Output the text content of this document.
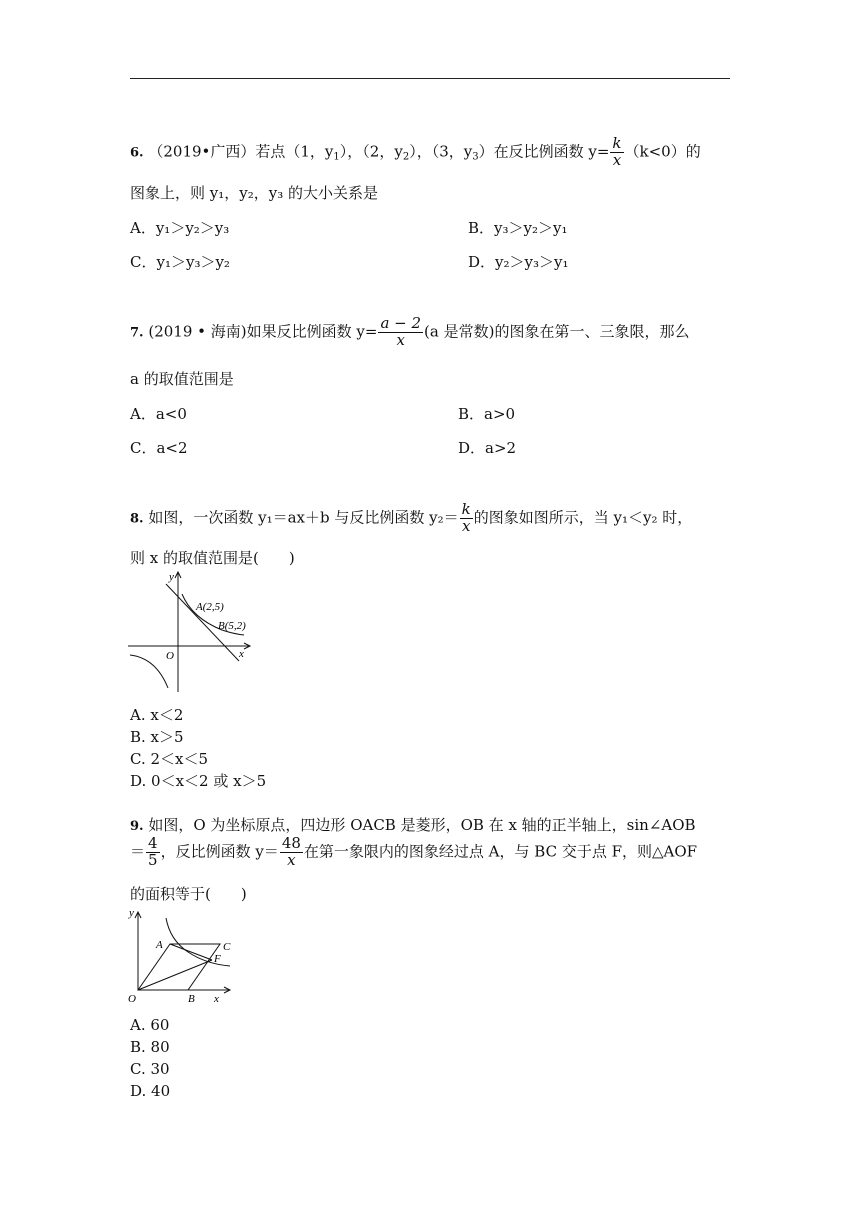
6. （2019•广西）若点（1，$y_1$），（2，$y_2$），（3，$y_3$）在反比例函数 $y= \frac{k}{x} (k<0)$的
图象上，则 y₁，y₂，y₃ 的大小关系是
A．y₁＞y₂＞y₃	B．y₃＞y₂＞y₁
C．y₁＞y₃＞y₂	D．y₂＞y₃＞y₁
7. (2019 • 海南)如果反比例函数 $y= \frac{a - 2}{x} (a$ 是常数)的图象在第一、三象限，那么
a 的取值范围是
A．a<0	B．a>0
C．a<2	D．a>2
8. 如图，一次函数 y₁＝ax＋b 与反比例函数 $y_2= \frac{k}{x}$ 的图象如图所示，当 y₁＜y₂ 时，
则 x 的取值范围是(　　)
y
x
O
A(2,5)
B(5,2)
A. x＜2
B. x＞5
C. 2＜x＜5
D. 0＜x＜2 或 x＞5
9. 如图，O 为坐标原点，四边形 OACB 是菱形，OB 在 x 轴的正半轴上，sin∠AOB
＝ $\frac{4}{5}$ ，反比例函数 $y= \frac{48}{x}$ 在第一象限内的图象经过点 A，与 BC 交于点 F，则△AOF
的面积等于(　　)
y
x
O
A	C
F
B
A. 60
B. 80
C. 30
D. 40
